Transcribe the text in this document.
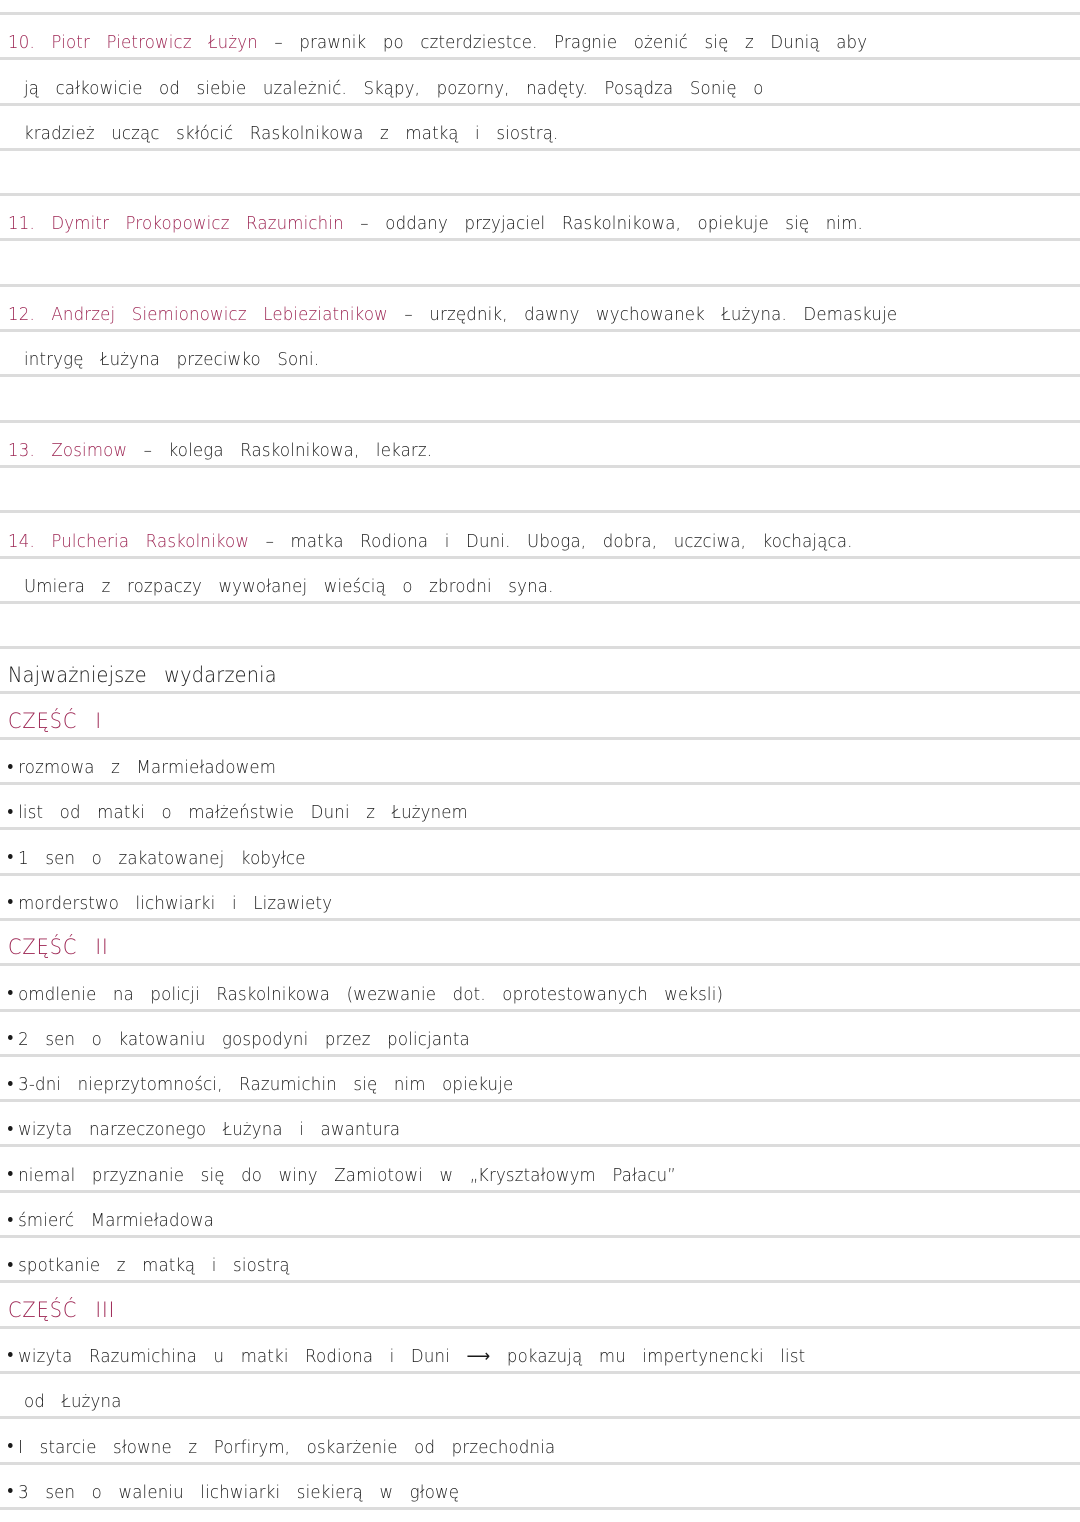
10. Piotr Pietrowicz Łużyn – prawnik po czterdziestce. Pragnie ożenić się z Dunią aby
ją całkowicie od siebie uzależnić. Skąpy, pozorny, nadęty. Posądza Sonię o
kradzież ucząc skłócić Raskolnikowa z matką i siostrą.
11. Dymitr Prokopowicz Razumichin – oddany przyjaciel Raskolnikowa, opiekuje się nim.
12. Andrzej Siemionowicz Lebieziatnikow – urzędnik, dawny wychowanek Łużyna. Demaskuje
intrygę Łużyna przeciwko Soni.
13. Zosimow – kolega Raskolnikowa, lekarz.
14. Pulcheria Raskolnikow – matka Rodiona i Duni. Uboga, dobra, uczciwa, kochająca.
Umiera z rozpaczy wywołanej wieścią o zbrodni syna.
Najważniejsze wydarzenia
CZĘŚĆ I
rozmowa z Marmieładowem
list od matki o małżeństwie Duni z Łużynem
1 sen o zakatowanej kobyłce
morderstwo lichwiarki i Lizawiety
CZĘŚĆ II
omdlenie na policji Raskolnikowa (wezwanie dot. oprotestowanych weksli)
2 sen o katowaniu gospodyni przez policjanta
3-dni nieprzytomności, Razumichin się nim opiekuje
wizyta narzeczonego Łużyna i awantura
niemal przyznanie się do winy Zamiotowi w „Kryształowym Pałacu”
śmierć Marmieładowa
spotkanie z matką i siostrą
CZĘŚĆ III
wizyta Razumichina u matki Rodiona i Duni ⟶ pokazują mu impertynencki list
od Łużyna
I starcie słowne z Porfirym, oskarżenie od przechodnia
3 sen o waleniu lichwiarki siekierą w głowę
